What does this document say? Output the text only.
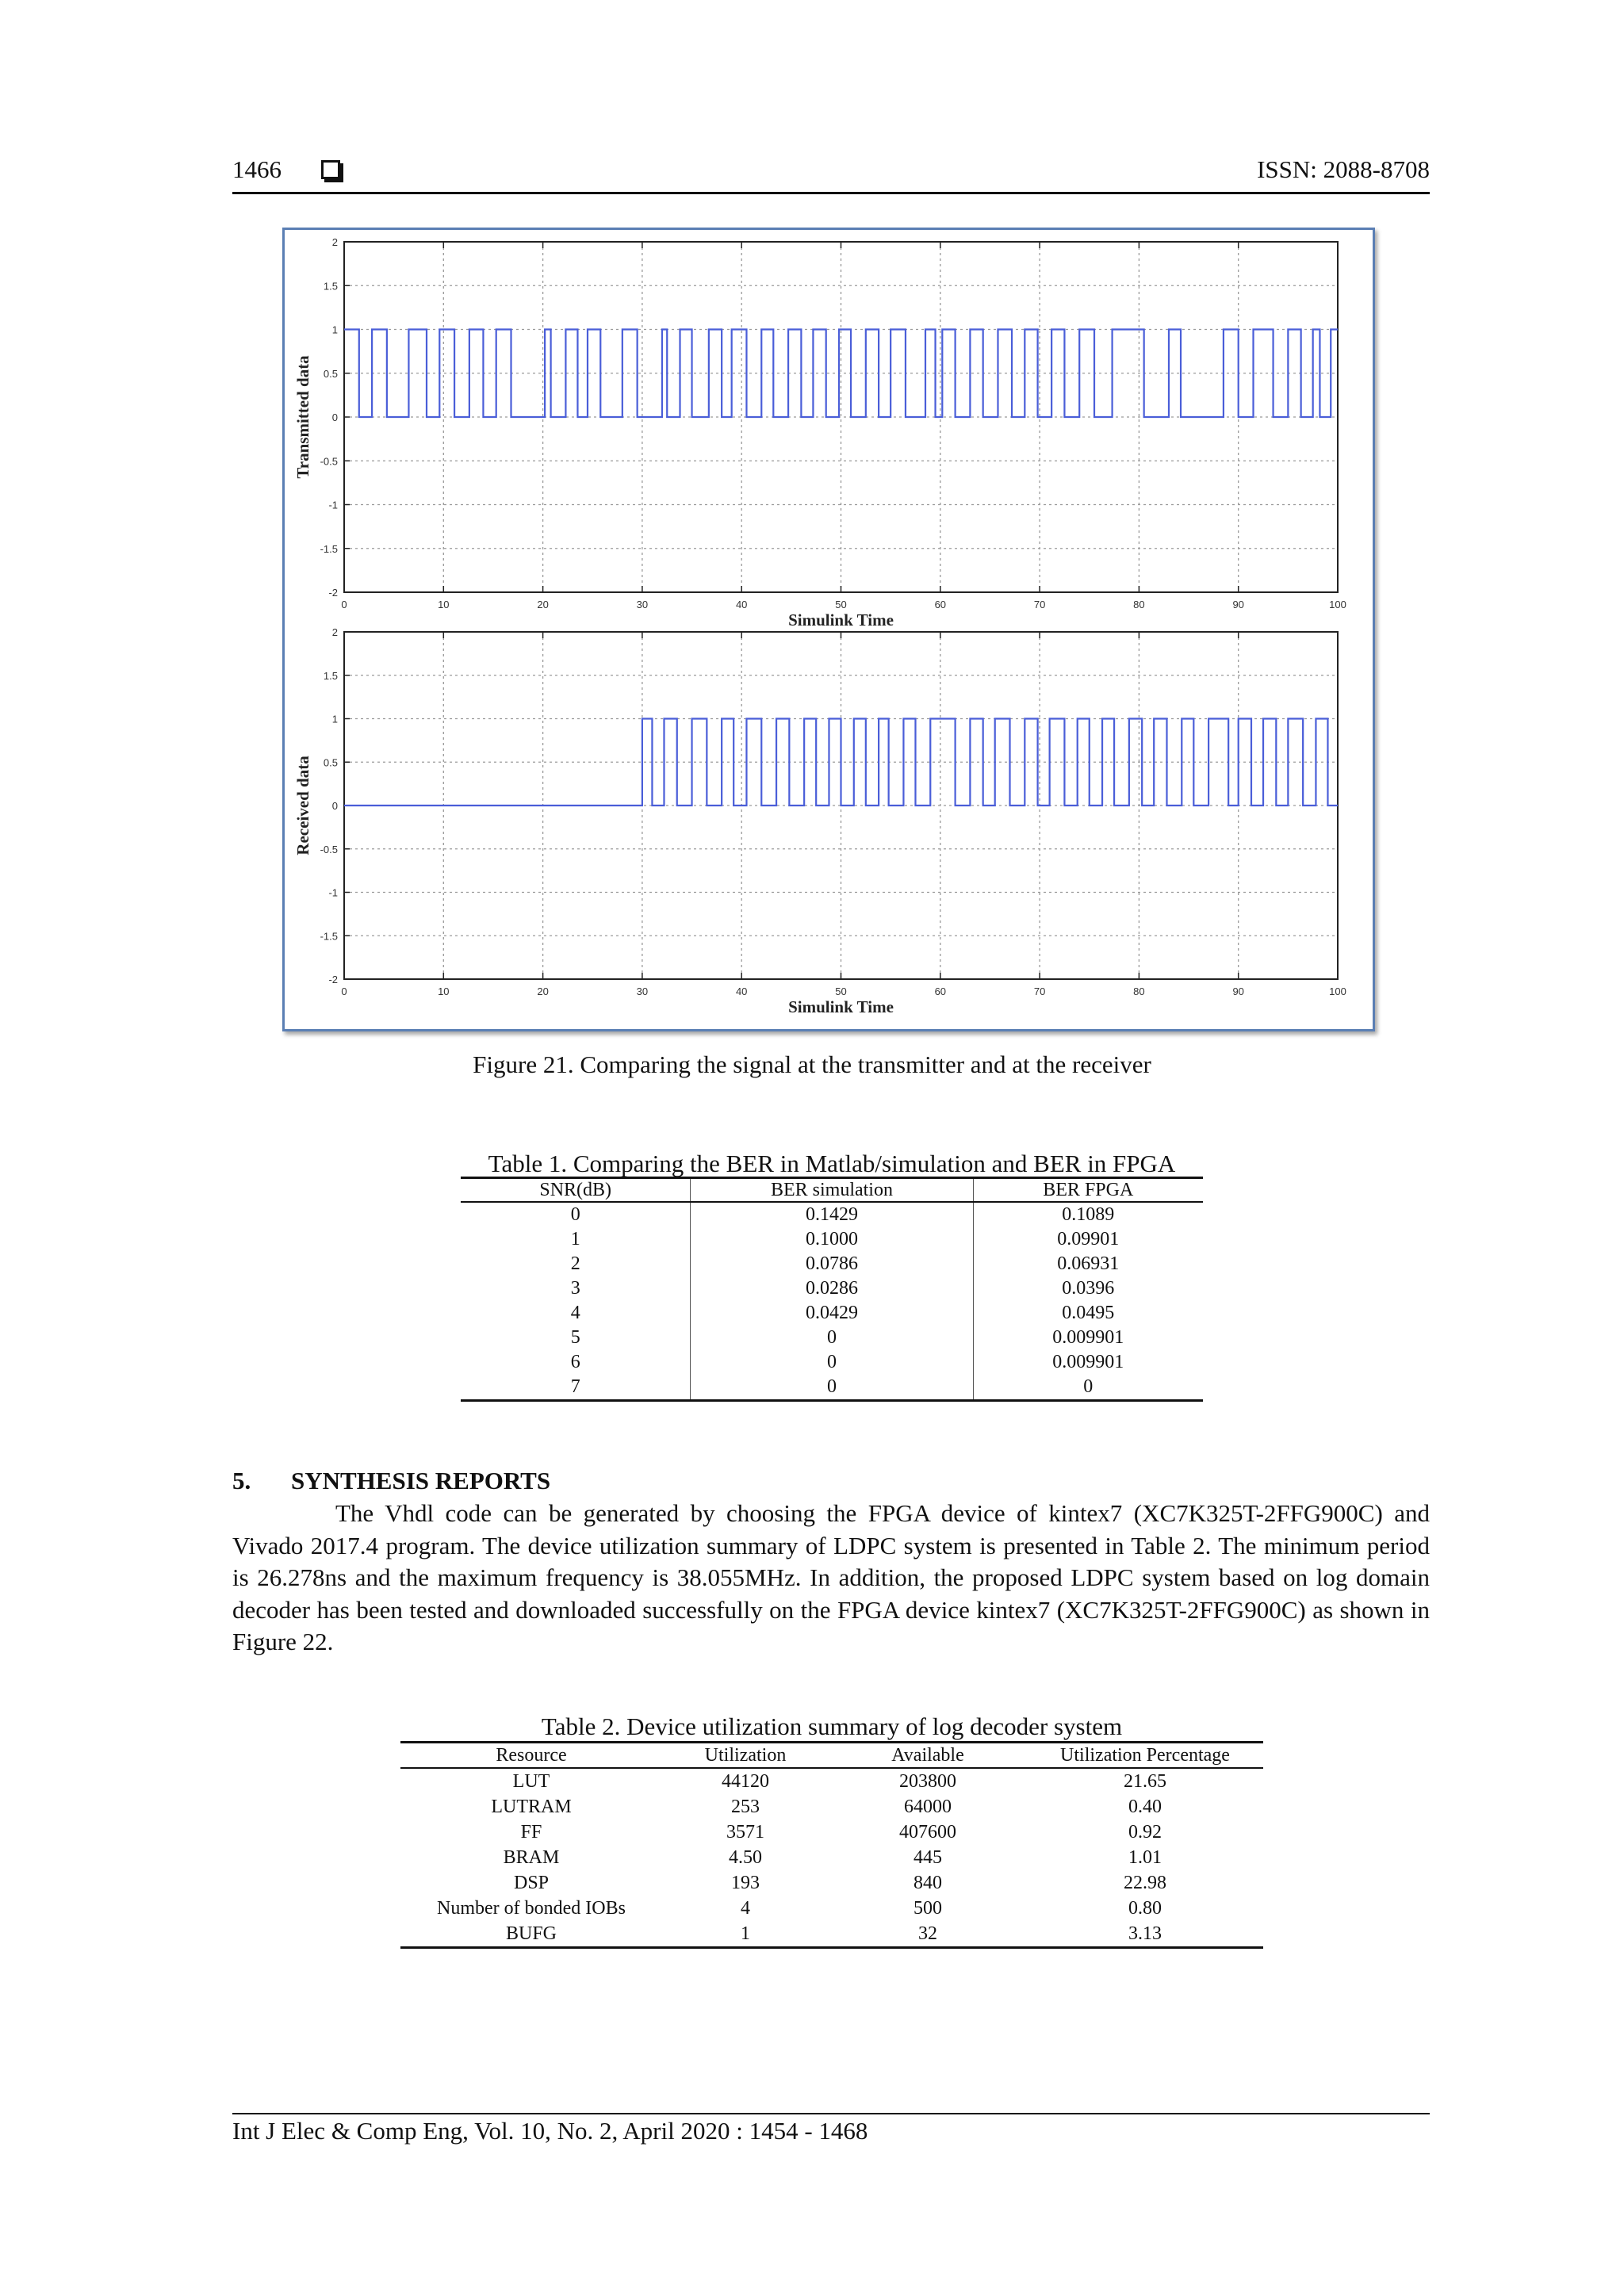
1466	ISSN: 2088-8708
2
1.5
1
0.5
0
-0.5
-1
-1.5
-2
0	10	20	30	40	50	60	70	80	90	100
Simulink Time
Transmitted data
2
1.5
1
0.5
0
-0.5
-1
-1.5
-2
0	10	20	30	40	50	60	70	80	90	100
Simulink Time
Received data
Figure 21. Comparing the signal at the transmitter and at the receiver
Table 1. Comparing the BER in Matlab/simulation and BER in FPGA
SNR(dB)	BER simulation	BER FPGA
0	0.1429	0.1089
1	0.1000	0.09901
2	0.0786	0.06931
3	0.0286	0.0396
4	0.0429	0.0495
5	0	0.009901
6	0	0.009901
7	0	0
5. SYNTHESIS REPORTS
The Vhdl code can be generated by choosing the FPGA device of kintex7 (XC7K325T-2FFG900C) and Vivado 2017.4 program. The device utilization summary of LDPC system is presented in Table 2. The minimum period is 26.278ns and the maximum frequency is 38.055MHz. In addition, the proposed LDPC system based on log domain decoder has been tested and downloaded successfully on the FPGA device kintex7 (XC7K325T-2FFG900C) as shown in Figure 22.
Table 2. Device utilization summary of log decoder system
Resource	Utilization	Available	Utilization Percentage
LUT	44120	203800	21.65
LUTRAM	253	64000	0.40
FF	3571	407600	0.92
BRAM	4.50	445	1.01
DSP	193	840	22.98
Number of bonded IOBs	4	500	0.80
BUFG	1	32	3.13
Int J Elec & Comp Eng, Vol. 10, No. 2, April 2020 : 1454 - 1468
